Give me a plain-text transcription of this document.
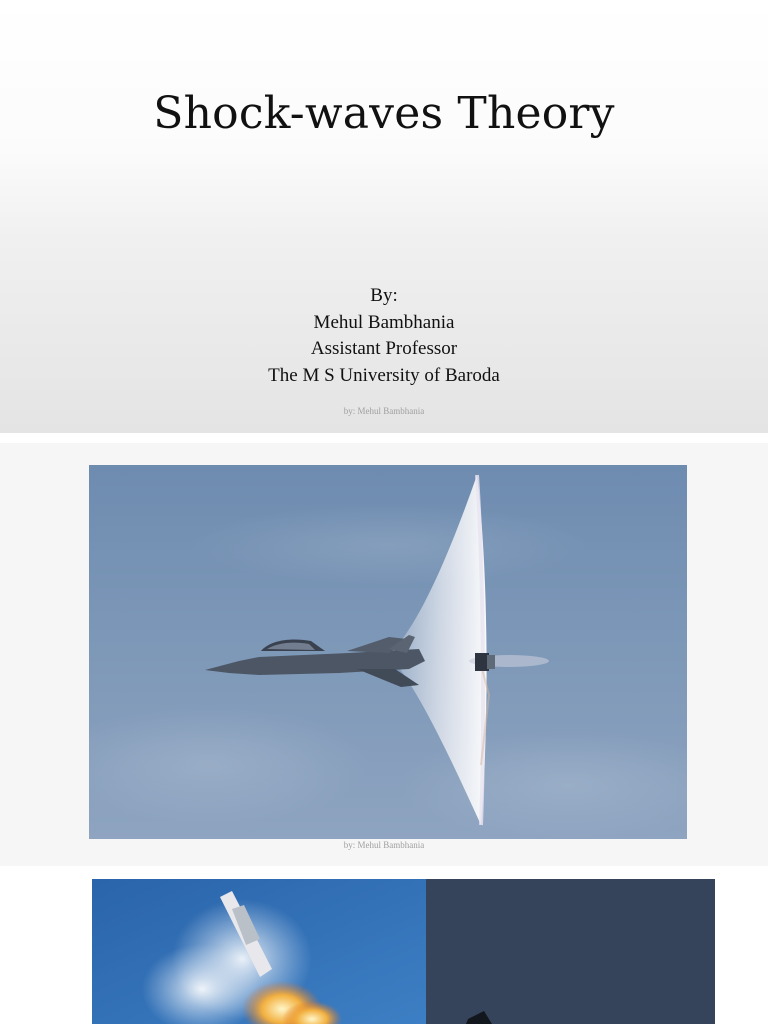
Shock-waves Theory
By:
Mehul Bambhania
Assistant Professor
The M S University of Baroda
by: Mehul Bambhania
by: Mehul Bambhania
